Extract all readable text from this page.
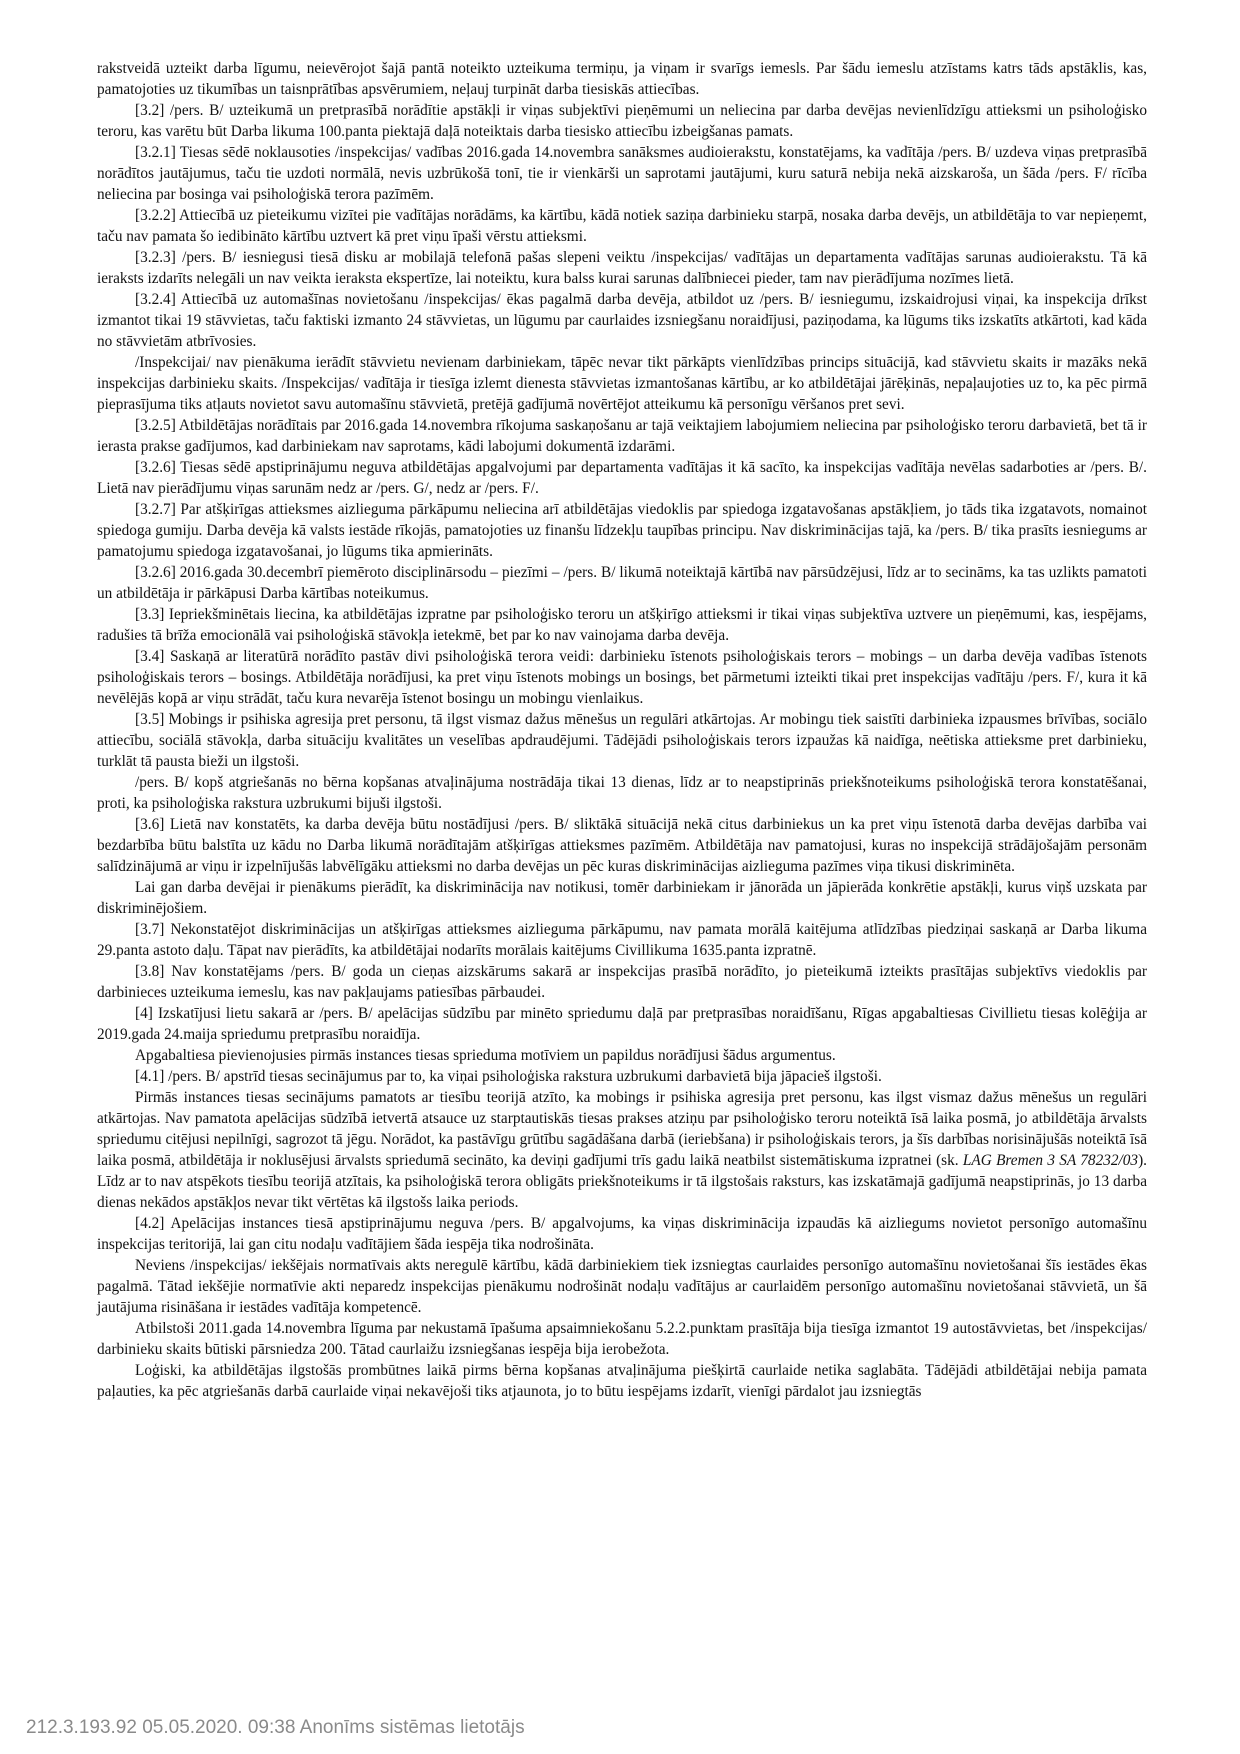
rakstveidā uzteikt darba līgumu, neievērojot šajā pantā noteikto uzteikuma termiņu, ja viņam ir svarīgs iemesls. Par šādu iemeslu atzīstams katrs tāds apstāklis, kas, pamatojoties uz tikumības un taisnprātības apsvērumiem, neļauj turpināt darba tiesiskās attiecības.

[3.2] /pers. B/ uzteikumā un pretprasībā norādītie apstākļi ir viņas subjektīvi pieņēmumi un neliecina par darba devējas nevienlīdzīgu attieksmi un psiholoģisko teroru, kas varētu būt Darba likuma 100.panta piektajā daļā noteiktais darba tiesisko attiecību izbeigšanas pamats.

[3.2.1] Tiesas sēdē noklausoties /inspekcijas/ vadības 2016.gada 14.novembra sanāksmes audioierakstu, konstatējams, ka vadītāja /pers. B/ uzdeva viņas pretprasībā norādītos jautājumus, taču tie uzdoti normālā, nevis uzbrūkošā tonī, tie ir vienkārši un saprotami jautājumi, kuru saturā nebija nekā aizskaroša, un šāda /pers. F/ rīcība neliecina par bosinga vai psiholoģiskā terora pazīmēm.

[3.2.2] Attiecībā uz pieteikumu vizītei pie vadītājas norādāms, ka kārtību, kādā notiek saziņa darbinieku starpā, nosaka darba devējs, un atbildētāja to var nepieņemt, taču nav pamata šo iedibināto kārtību uztvert kā pret viņu īpaši vērstu attieksmi.

[3.2.3] /pers. B/ iesniegusi tiesā disku ar mobilajā telefonā pašas slepeni veiktu /inspekcijas/ vadītājas un departamenta vadītājas sarunas audioierakstu. Tā kā ieraksts izdarīts nelegāli un nav veikta ieraksta ekspertīze, lai noteiktu, kura balss kurai sarunas dalībniecei pieder, tam nav pierādījuma nozīmes lietā.

[3.2.4] Attiecībā uz automašīnas novietošanu /inspekcijas/ ēkas pagalmā darba devēja, atbildot uz /pers. B/ iesniegumu, izskaidrojusi viņai, ka inspekcija drīkst izmantot tikai 19 stāvvietas, taču faktiski izmanto 24 stāvvietas, un lūgumu par caurlaides izsniegšanu noraidījusi, paziņodama, ka lūgums tiks izskatīts atkārtoti, kad kāda no stāvvietām atbrīvosies.

/Inspekcijai/ nav pienākuma ierādīt stāvvietu nevienam darbiniekam, tāpēc nevar tikt pārkāpts vienlīdzības princips situācijā, kad stāvvietu skaits ir mazāks nekā inspekcijas darbinieku skaits. /Inspekcijas/ vadītāja ir tiesīga izlemt dienesta stāvvietas izmantošanas kārtību, ar ko atbildētājai jārēķinās, nepaļaujoties uz to, ka pēc pirmā pieprasījuma tiks atļauts novietot savu automašīnu stāvvietā, pretējā gadījumā novērtējot atteikumu kā personīgu vēršanos pret sevi.

[3.2.5] Atbildētājas norādītais par 2016.gada 14.novembra rīkojuma saskaņošanu ar tajā veiktajiem labojumiem neliecina par psiholoģisko teroru darbavietā, bet tā ir ierasta prakse gadījumos, kad darbiniekam nav saprotams, kādi labojumi dokumentā izdarāmi.

[3.2.6] Tiesas sēdē apstiprinājumu neguva atbildētājas apgalvojumi par departamenta vadītājas it kā sacīto, ka inspekcijas vadītāja nevēlas sadarboties ar /pers. B/. Lietā nav pierādījumu viņas sarunām nedz ar /pers. G/, nedz ar /pers. F/.

[3.2.7] Par atšķirīgas attieksmes aizlieguma pārkāpumu neliecina arī atbildētājas viedoklis par spiedoga izgatavošanas apstākļiem, jo tāds tika izgatavots, nomainot spiedoga gumiju. Darba devēja kā valsts iestāde rīkojās, pamatojoties uz finanšu līdzekļu taupības principu. Nav diskriminācijas tajā, ka /pers. B/ tika prasīts iesniegums ar pamatojumu spiedoga izgatavošanai, jo lūgums tika apmierināts.

[3.2.6] 2016.gada 30.decembrī piemēroto disciplinārsodu – piezīmi – /pers. B/ likumā noteiktajā kārtībā nav pārsūdzējusi, līdz ar to secināms, ka tas uzlikts pamatoti un atbildētāja ir pārkāpusi Darba kārtības noteikumus.

[3.3] Iepriekšminētais liecina, ka atbildētājas izpratne par psiholoģisko teroru un atšķirīgo attieksmi ir tikai viņas subjektīva uztvere un pieņēmumi, kas, iespējams, radušies tā brīža emocionālā vai psiholoģiskā stāvokļa ietekmē, bet par ko nav vainojama darba devēja.

[3.4] Saskaņā ar literatūrā norādīto pastāv divi psiholoģiskā terora veidi: darbinieku īstenots psiholoģiskais terors – mobings – un darba devēja vadības īstenots psiholoģiskais terors – bosings. Atbildētāja norādījusi, ka pret viņu īstenots mobings un bosings, bet pārmetumi izteikti tikai pret inspekcijas vadītāju /pers. F/, kura it kā nevēlējās kopā ar viņu strādāt, taču kura nevarēja īstenot bosingu un mobingu vienlaikus.

[3.5] Mobings ir psihiska agresija pret personu, tā ilgst vismaz dažus mēnešus un regulāri atkārtojas. Ar mobingu tiek saistīti darbinieka izpausmes brīvības, sociālo attiecību, sociālā stāvokļa, darba situāciju kvalitātes un veselības apdraudējumi. Tādējādi psiholoģiskais terors izpaužas kā naidīga, neētiska attieksme pret darbinieku, turklāt tā pausta bieži un ilgstoši.

/pers. B/ kopš atgriešanās no bērna kopšanas atvaļinājuma nostrādāja tikai 13 dienas, līdz ar to neapstiprinās priekšnoteikums psiholoģiskā terora konstatēšanai, proti, ka psiholoģiska rakstura uzbrukumi bijuši ilgstoši.

[3.6] Lietā nav konstatēts, ka darba devēja būtu nostādījusi /pers. B/ sliktākā situācijā nekā citus darbiniekus un ka pret viņu īstenotā darba devējas darbība vai bezdarbība būtu balstīta uz kādu no Darba likumā norādītajām atšķirīgas attieksmes pazīmēm. Atbildētāja nav pamatojusi, kuras no inspekcijā strādājošajām personām salīdzinājumā ar viņu ir izpelnījušās labvēlīgāku attieksmi no darba devējas un pēc kuras diskriminācijas aizlieguma pazīmes viņa tikusi diskriminēta.

Lai gan darba devējai ir pienākums pierādīt, ka diskriminācija nav notikusi, tomēr darbiniekam ir jānorāda un jāpierāda konkrētie apstākļi, kurus viņš uzskata par diskriminējošiem.

[3.7] Nekonstatējot diskriminācijas un atšķirīgas attieksmes aizlieguma pārkāpumu, nav pamata morālā kaitējuma atlīdzības piedziņai saskaņā ar Darba likuma 29.panta astoto daļu. Tāpat nav pierādīts, ka atbildētājai nodarīts morālais kaitējums Civillikuma 1635.panta izpratnē.

[3.8] Nav konstatējams /pers. B/ goda un cieņas aizskārums sakarā ar inspekcijas prasībā norādīto, jo pieteikumā izteikts prasītājas subjektīvs viedoklis par darbinieces uzteikuma iemeslu, kas nav pakļaujams patiesības pārbaudei.

[4] Izskatījusi lietu sakarā ar /pers. B/ apelācijas sūdzību par minēto spriedumu daļā par pretprasības noraidīšanu, Rīgas apgabaltiesas Civillietu tiesas kolēģija ar 2019.gada 24.maija spriedumu pretprasību noraidīja.

Apgabaltiesa pievienojusies pirmās instances tiesas sprieduma motīviem un papildus norādījusi šādus argumentus.

[4.1] /pers. B/ apstrīd tiesas secinājumus par to, ka viņai psiholoģiska rakstura uzbrukumi darbavietā bija jāpacieš ilgstoši.

Pirmās instances tiesas secinājums pamatots ar tiesību teorijā atzīto, ka mobings ir psihiska agresija pret personu, kas ilgst vismaz dažus mēnešus un regulāri atkārtojas. Nav pamatota apelācijas sūdzībā ietvertā atsauce uz starptautiskās tiesas prakses atziņu par psiholoģisko teroru noteiktā īsā laika posmā, jo atbildētāja ārvalsts spriedumu citējusi nepilnīgi, sagrozot tā jēgu. Norādot, ka pastāvīgu grūtību sagādāšana darbā (ieriebšana) ir psiholoģiskais terors, ja šīs darbības norisinājušās noteiktā īsā laika posmā, atbildētāja ir noklusējusi ārvalsts spriedumā secināto, ka deviņi gadījumi trīs gadu laikā neatbilst sistemātiskuma izpratnei (sk. LAG Bremen 3 SA 78232/03). Līdz ar to nav atspēkots tiesību teorijā atzītais, ka psiholoģiskā terora obligāts priekšnoteikums ir tā ilgstošais raksturs, kas izskatāmajā gadījumā neapstiprinās, jo 13 darba dienas nekādos apstākļos nevar tikt vērtētas kā ilgstošs laika periods.

[4.2] Apelācijas instances tiesā apstiprinājumu neguva /pers. B/ apgalvojums, ka viņas diskriminācija izpaudās kā aizliegums novietot personīgo automašīnu inspekcijas teritorijā, lai gan citu nodaļu vadītājiem šāda iespēja tika nodrošināta.

Neviens /inspekcijas/ iekšējais normatīvais akts neregulē kārtību, kādā darbiniekiem tiek izsniegtas caurlaides personīgo automašīnu novietošanai šīs iestādes ēkas pagalmā. Tātad iekšējie normatīvie akti neparedz inspekcijas pienākumu nodrošināt nodaļu vadītājus ar caurlaidēm personīgo automašīnu novietošanai stāvvietā, un šā jautājuma risināšana ir iestādes vadītāja kompetencē.

Atbilstoši 2011.gada 14.novembra līguma par nekustamā īpašuma apsaimniekošanu 5.2.2.punktam prasītāja bija tiesīga izmantot 19 autostāvvietas, bet /inspekcijas/ darbinieku skaits būtiski pārsniedza 200. Tātad caurlaižu izsniegšanas iespēja bija ierobežota.

Loģiski, ka atbildētājas ilgstošās prombūtnes laikā pirms bērna kopšanas atvaļinājuma piešķirtā caurlaide netika saglabāta. Tādējādi atbildētājai nebija pamata paļauties, ka pēc atgriešanās darbā caurlaide viņai nekavējoši tiks atjaunota, jo to būtu iespējams izdarīt, vienīgi pārdalot jau izsniegtās

212.3.193.92 05.05.2020. 09:38 Anonīms sistēmas lietotājs
